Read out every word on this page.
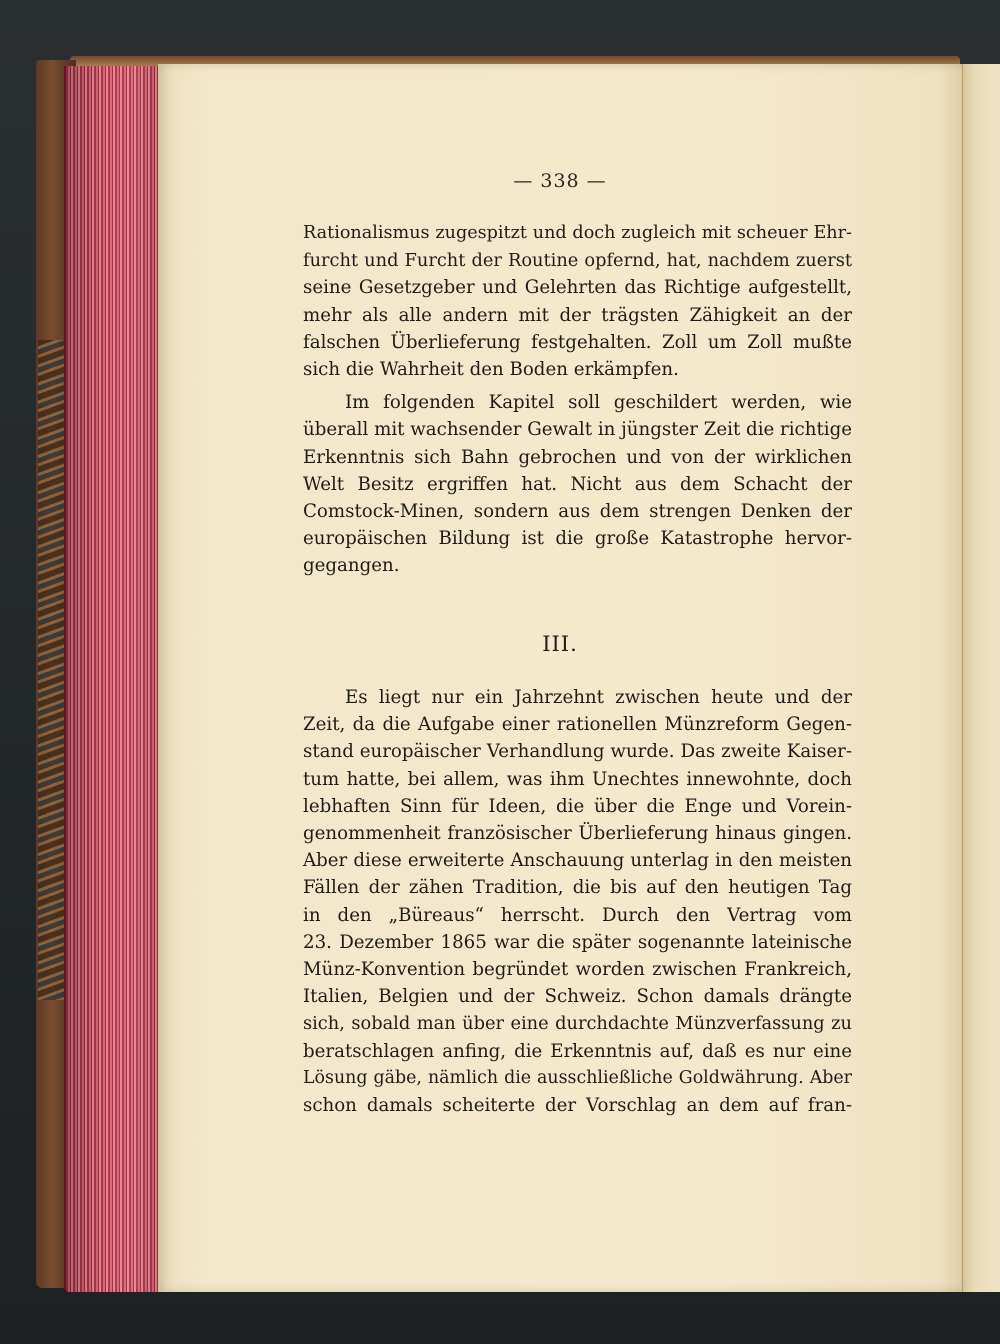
— 338 —

Rationalismus zugespitzt und doch zugleich mit scheuer Ehr-

furcht und Furcht der Routine opfernd, hat, nachdem zuerst

seine Gesetzgeber und Gelehrten das Richtige aufgestellt,

mehr als alle andern mit der trägsten Zähigkeit an der

falschen Überlieferung festgehalten. Zoll um Zoll mußte

sich die Wahrheit den Boden erkämpfen.

Im folgenden Kapitel soll geschildert werden, wie

überall mit wachsender Gewalt in jüngster Zeit die richtige

Erkenntnis sich Bahn gebrochen und von der wirklichen

Welt Besitz ergriffen hat. Nicht aus dem Schacht der

Comstock-Minen, sondern aus dem strengen Denken der

europäischen Bildung ist die große Katastrophe hervor-

gegangen.

III.

Es liegt nur ein Jahrzehnt zwischen heute und der

Zeit, da die Aufgabe einer rationellen Münzreform Gegen-

stand europäischer Verhandlung wurde. Das zweite Kaiser-

tum hatte, bei allem, was ihm Unechtes innewohnte, doch

lebhaften Sinn für Ideen, die über die Enge und Vorein-

genommenheit französischer Überlieferung hinaus gingen.

Aber diese erweiterte Anschauung unterlag in den meisten

Fällen der zähen Tradition, die bis auf den heutigen Tag

in den „Büreaus“ herrscht. Durch den Vertrag vom

23. Dezember 1865 war die später sogenannte lateinische

Münz-Konvention begründet worden zwischen Frankreich,

Italien, Belgien und der Schweiz. Schon damals drängte

sich, sobald man über eine durchdachte Münzverfassung zu

beratschlagen anfing, die Erkenntnis auf, daß es nur eine

Lösung gäbe, nämlich die ausschließliche Goldwährung. Aber

schon damals scheiterte der Vorschlag an dem auf fran-
